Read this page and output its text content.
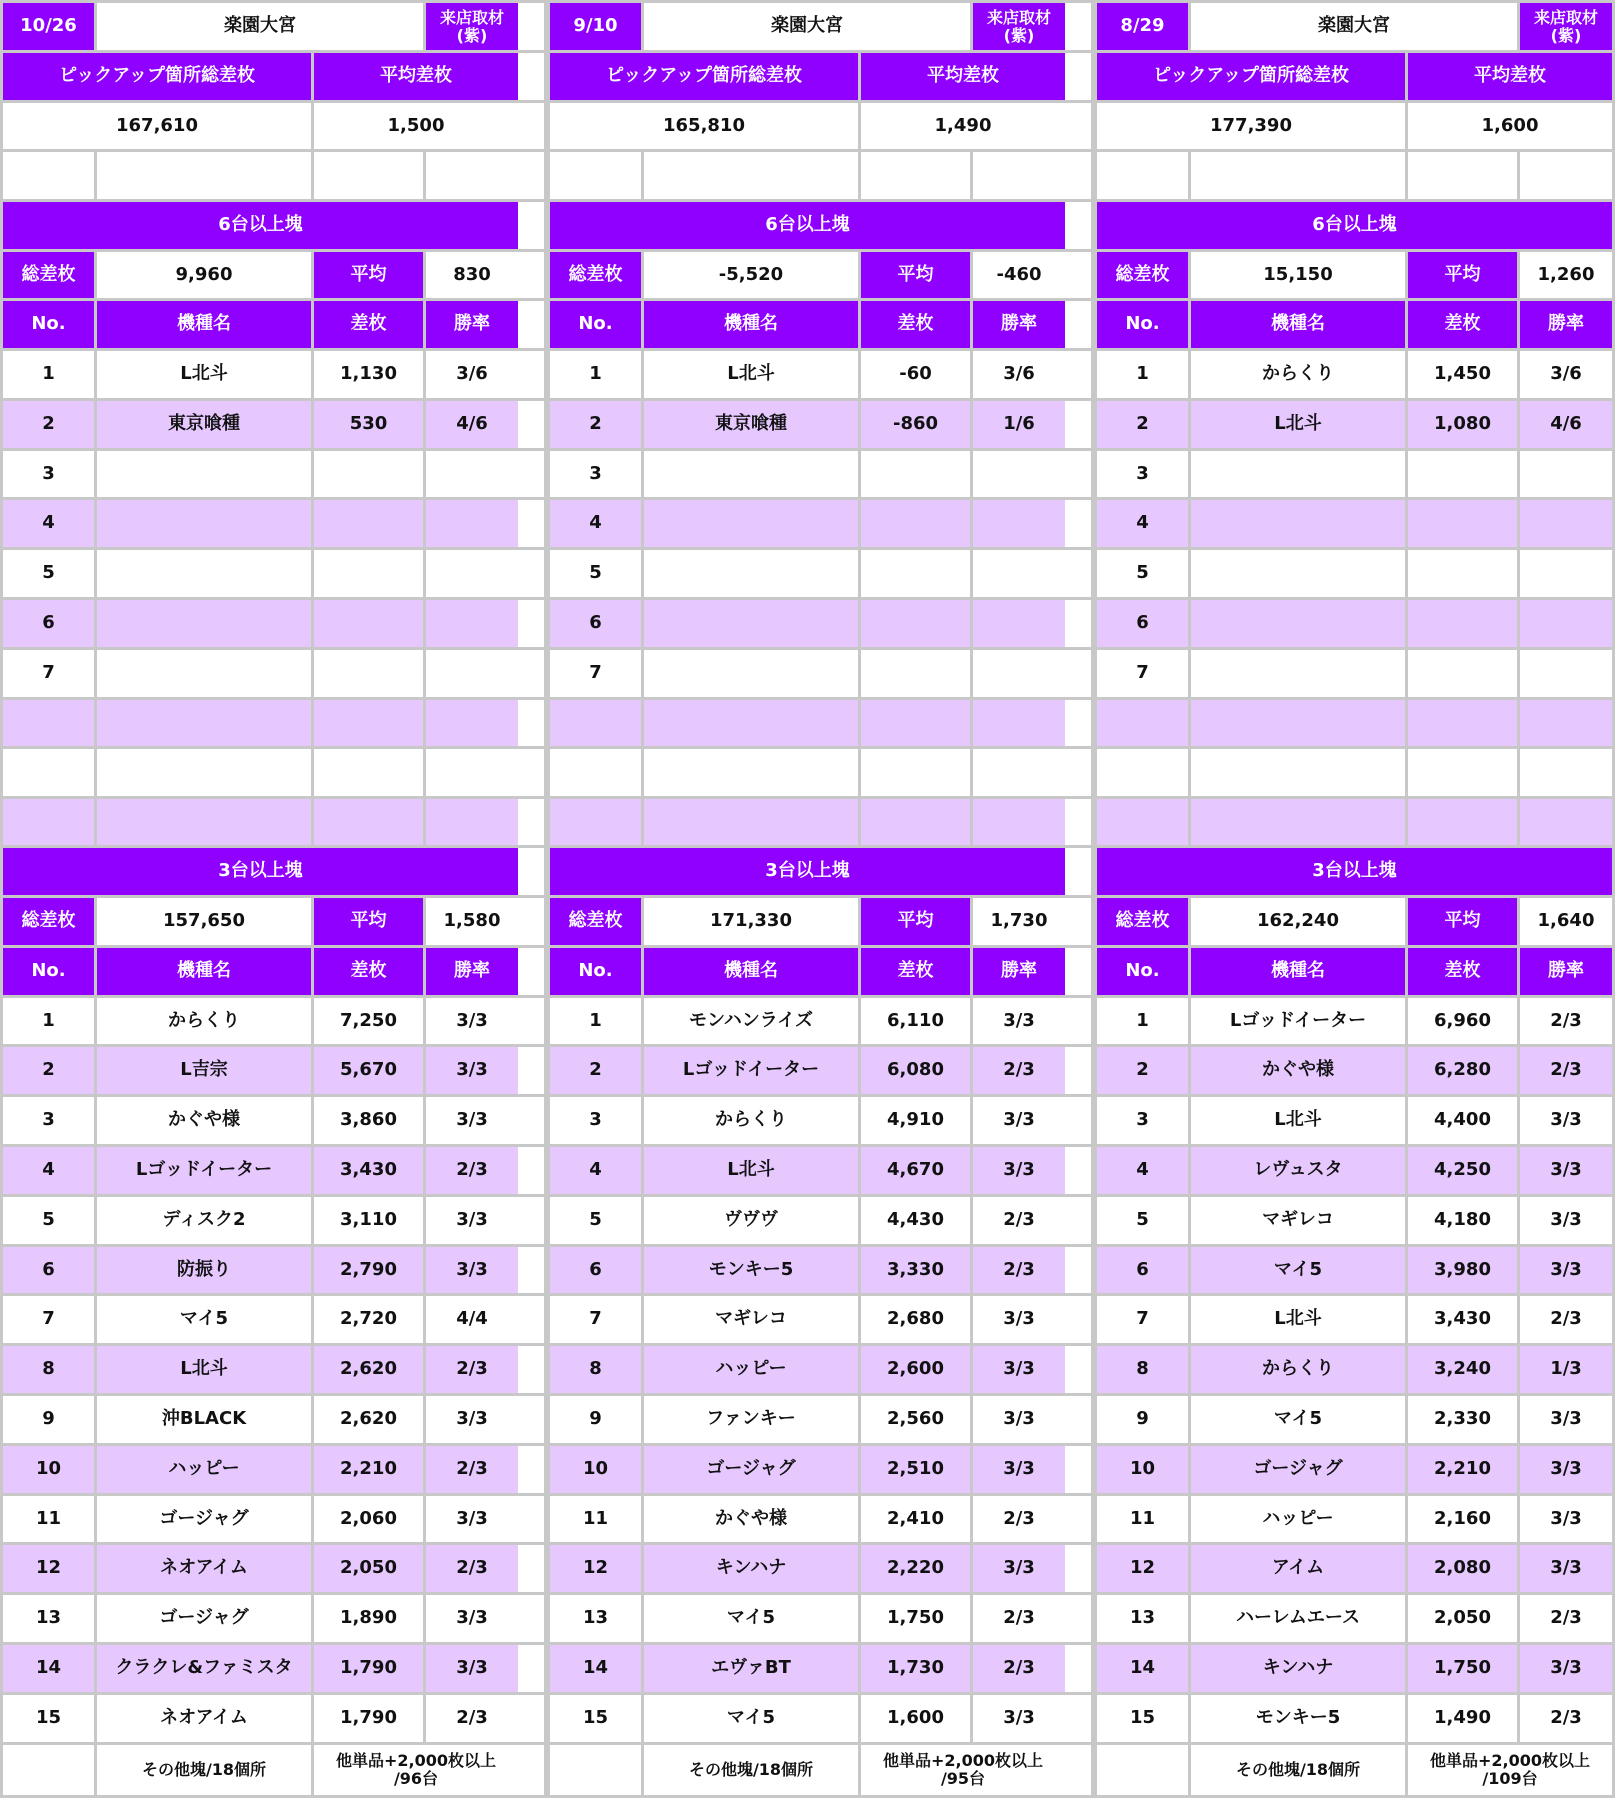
10/26	楽園大宮	来店取材
(紫)
ピックアップ箇所総差枚	平均差枚
167,610	1,500
6台以上塊
総差枚	9,960	平均	830
No.	機種名	差枚	勝率
1	L北斗	1,130	3/6
2	東京喰種	530	4/6
3
4
5
6
7
3台以上塊
総差枚	157,650	平均	1,580
No.	機種名	差枚	勝率
1	からくり	7,250	3/3
2	L吉宗	5,670	3/3
3	かぐや様	3,860	3/3
4	Lゴッドイーター	3,430	2/3
5	ディスク2	3,110	3/3
6	防振り	2,790	3/3
7	マイ5	2,720	4/4
8	L北斗	2,620	2/3
9	沖BLACK	2,620	3/3
10	ハッピー	2,210	2/3
11	ゴージャグ	2,060	3/3
12	ネオアイム	2,050	2/3
13	ゴージャグ	1,890	3/3
14	クラクレ&ファミスタ	1,790	3/3
15	ネオアイム	1,790	2/3
その他塊/18個所	他単品+2,000枚以上
/96台
9/10	楽園大宮	来店取材
(紫)
ピックアップ箇所総差枚	平均差枚
165,810	1,490
6台以上塊
総差枚	-5,520	平均	-460
No.	機種名	差枚	勝率
1	L北斗	-60	3/6
2	東京喰種	-860	1/6
3
4
5
6
7
3台以上塊
総差枚	171,330	平均	1,730
No.	機種名	差枚	勝率
1	モンハンライズ	6,110	3/3
2	Lゴッドイーター	6,080	2/3
3	からくり	4,910	3/3
4	L北斗	4,670	3/3
5	ヴヴヴ	4,430	2/3
6	モンキー5	3,330	2/3
7	マギレコ	2,680	3/3
8	ハッピー	2,600	3/3
9	ファンキー	2,560	3/3
10	ゴージャグ	2,510	3/3
11	かぐや様	2,410	2/3
12	キンハナ	2,220	3/3
13	マイ5	1,750	2/3
14	エヴァBT	1,730	2/3
15	マイ5	1,600	3/3
その他塊/18個所	他単品+2,000枚以上
/95台
8/29	楽園大宮	来店取材
(紫)
ピックアップ箇所総差枚	平均差枚
177,390	1,600
6台以上塊
総差枚	15,150	平均	1,260
No.	機種名	差枚	勝率
1	からくり	1,450	3/6
2	L北斗	1,080	4/6
3
4
5
6
7
3台以上塊
総差枚	162,240	平均	1,640
No.	機種名	差枚	勝率
1	Lゴッドイーター	6,960	2/3
2	かぐや様	6,280	2/3
3	L北斗	4,400	3/3
4	レヴュスタ	4,250	3/3
5	マギレコ	4,180	3/3
6	マイ5	3,980	3/3
7	L北斗	3,430	2/3
8	からくり	3,240	1/3
9	マイ5	2,330	3/3
10	ゴージャグ	2,210	3/3
11	ハッピー	2,160	3/3
12	アイム	2,080	3/3
13	ハーレムエース	2,050	2/3
14	キンハナ	1,750	3/3
15	モンキー5	1,490	2/3
その他塊/18個所	他単品+2,000枚以上
/109台
